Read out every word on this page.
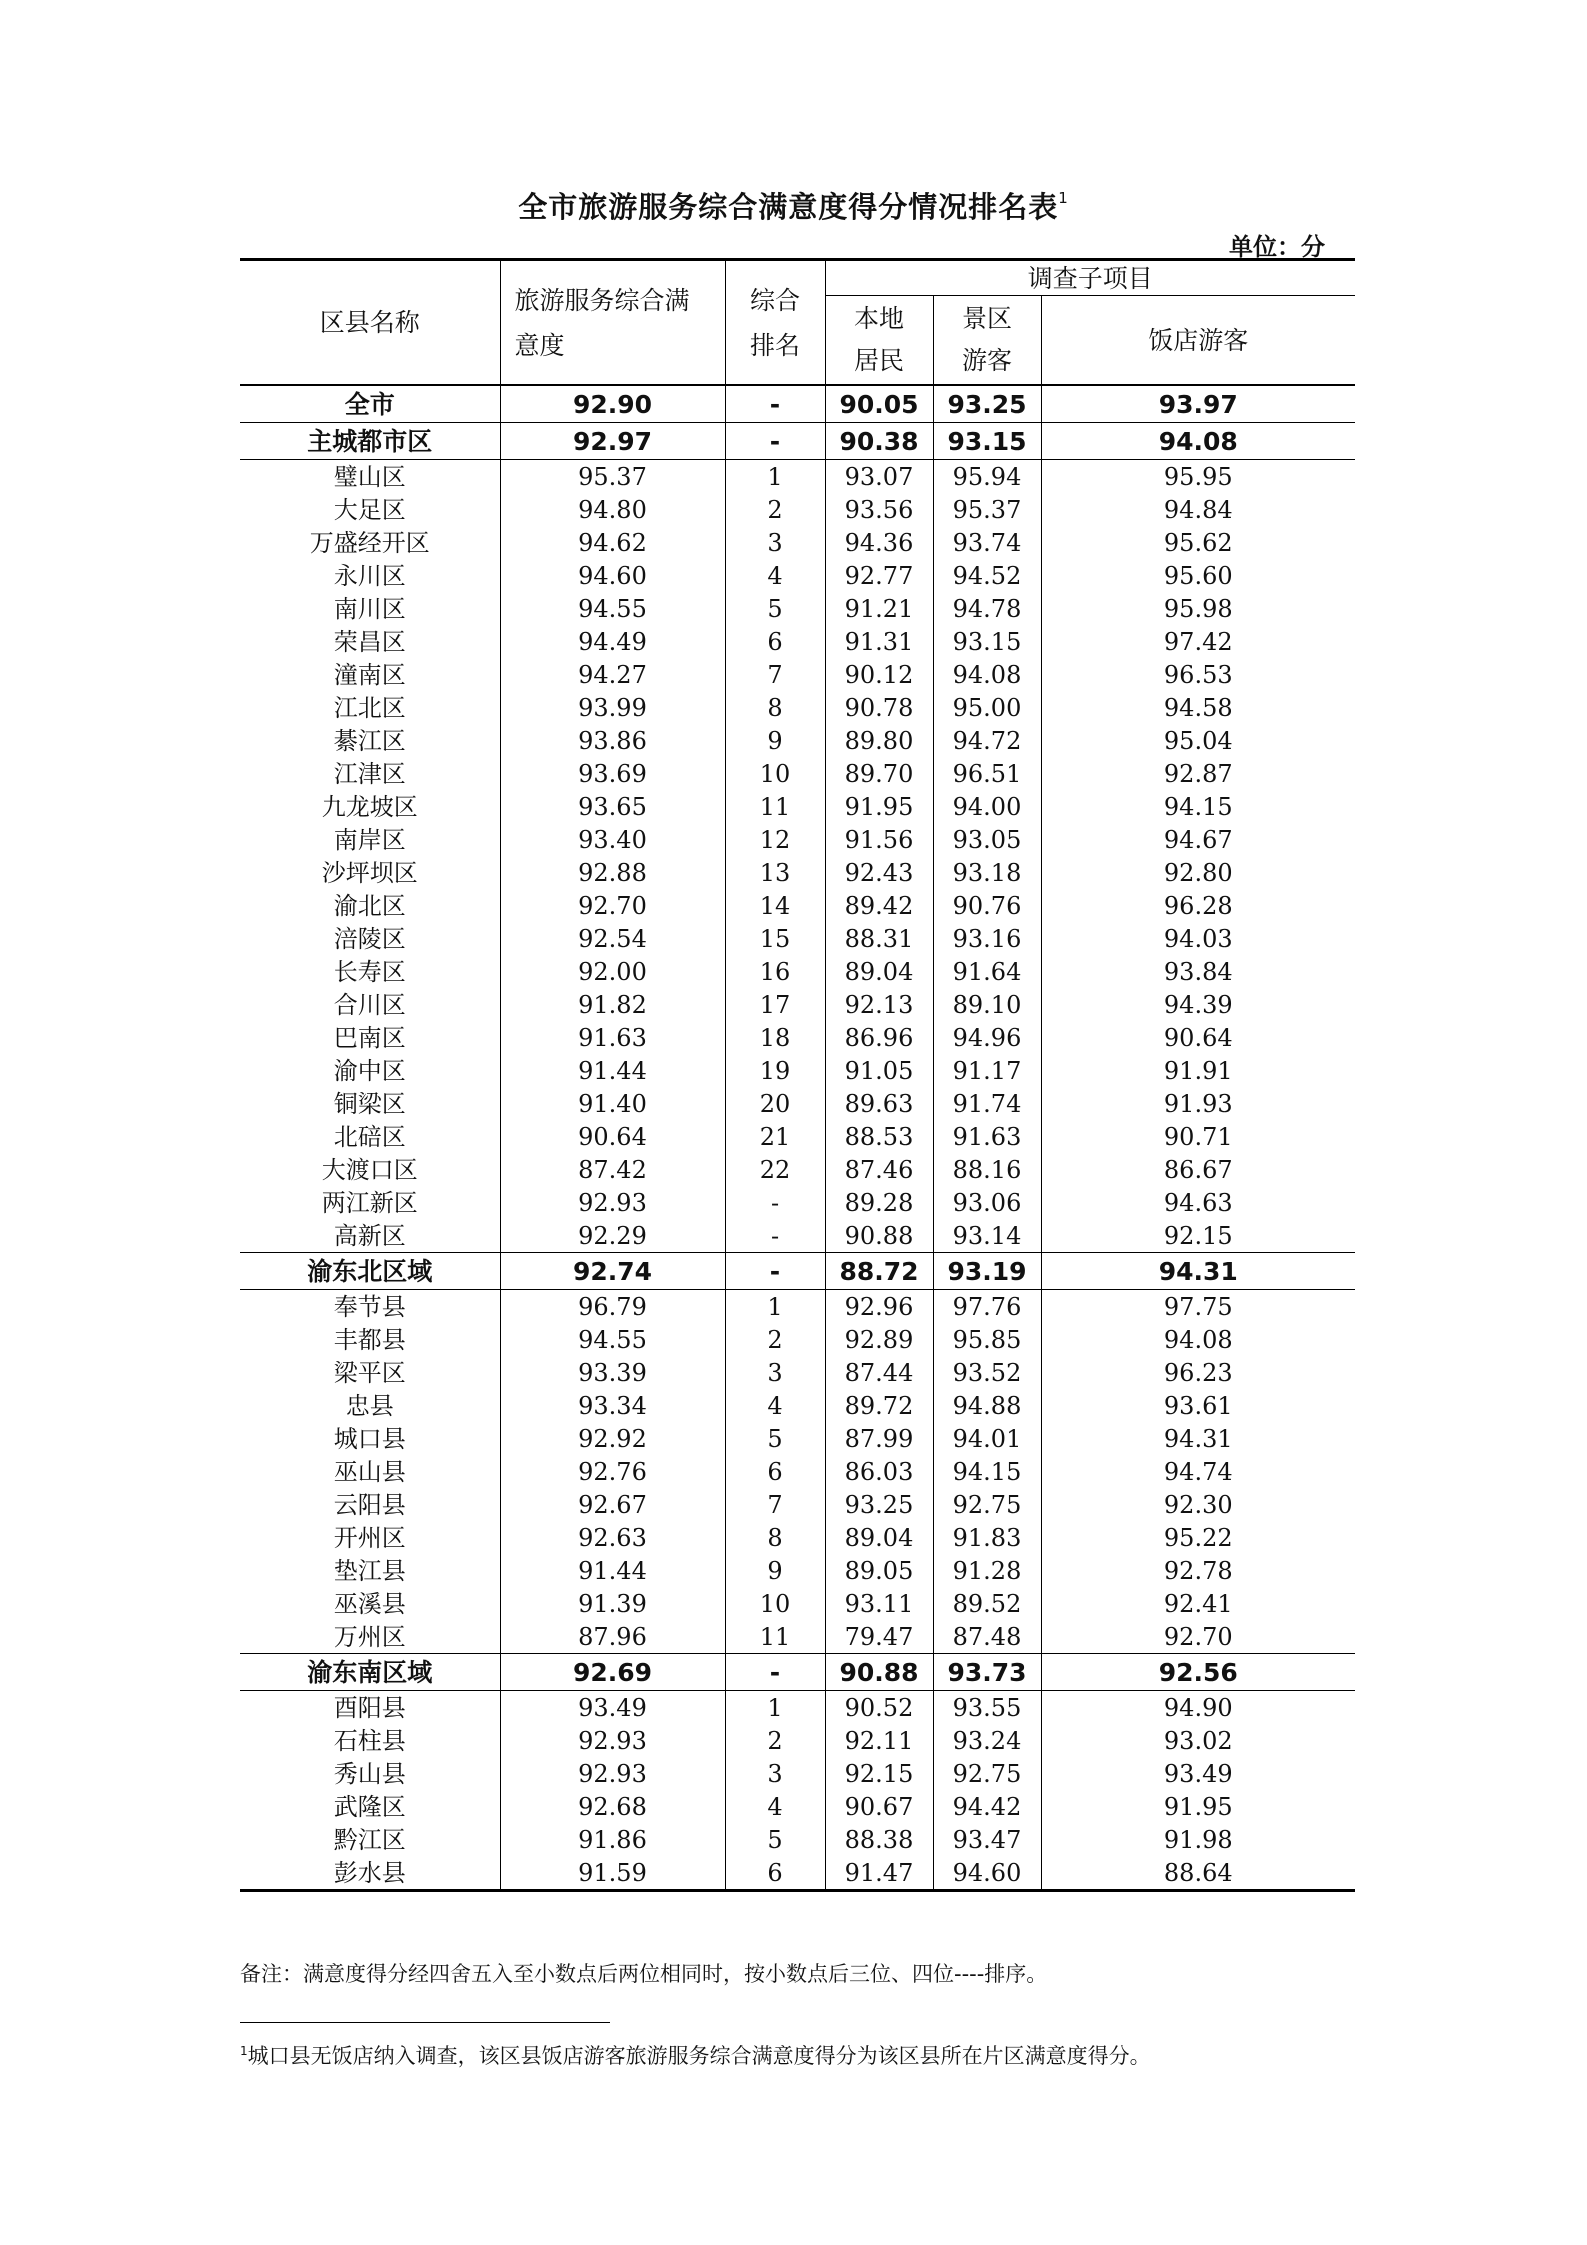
全市旅游服务综合满意度得分情况排名表$^1$
单位：分
区县名称	旅游服务综合满意度	综合排名	调查子项目		
			本地居民	景区游客	饭店游客
全市	92.90	-	90.05	93.25	93.97
主城都市区	92.97	-	90.38	93.15	94.08
璧山区	95.37	1	93.07	95.94	95.95
大足区	94.80	2	93.56	95.37	94.84
万盛经开区	94.62	3	94.36	93.74	95.62
永川区	94.60	4	92.77	94.52	95.60
南川区	94.55	5	91.21	94.78	95.98
荣昌区	94.49	6	91.31	93.15	97.42
潼南区	94.27	7	90.12	94.08	96.53
江北区	93.99	8	90.78	95.00	94.58
綦江区	93.86	9	89.80	94.72	95.04
江津区	93.69	10	89.70	96.51	92.87
九龙坡区	93.65	11	91.95	94.00	94.15
南岸区	93.40	12	91.56	93.05	94.67
沙坪坝区	92.88	13	92.43	93.18	92.80
渝北区	92.70	14	89.42	90.76	96.28
涪陵区	92.54	15	88.31	93.16	94.03
长寿区	92.00	16	89.04	91.64	93.84
合川区	91.82	17	92.13	89.10	94.39
巴南区	91.63	18	86.96	94.96	90.64
渝中区	91.44	19	91.05	91.17	91.91
铜梁区	91.40	20	89.63	91.74	91.93
北碚区	90.64	21	88.53	91.63	90.71
大渡口区	87.42	22	87.46	88.16	86.67
两江新区	92.93	-	89.28	93.06	94.63
高新区	92.29	-	90.88	93.14	92.15
渝东北区域	92.74	-	88.72	93.19	94.31
奉节县	96.79	1	92.96	97.76	97.75
丰都县	94.55	2	92.89	95.85	94.08
梁平区	93.39	3	87.44	93.52	96.23
忠县	93.34	4	89.72	94.88	93.61
城口县	92.92	5	87.99	94.01	94.31
巫山县	92.76	6	86.03	94.15	94.74
云阳县	92.67	7	93.25	92.75	92.30
开州区	92.63	8	89.04	91.83	95.22
垫江县	91.44	9	89.05	91.28	92.78
巫溪县	91.39	10	93.11	89.52	92.41
万州区	87.96	11	79.47	87.48	92.70
渝东南区域	92.69	-	90.88	93.73	92.56
酉阳县	93.49	1	90.52	93.55	94.90
石柱县	92.93	2	92.11	93.24	93.02
秀山县	92.93	3	92.15	92.75	93.49
武隆区	92.68	4	90.67	94.42	91.95
黔江区	91.86	5	88.38	93.47	91.98
彭水县	91.59	6	91.47	94.60	88.64
备注：满意度得分经四舍五入至小数点后两位相同时，按小数点后三位、四位----排序。
$^1$城口县无饭店纳入调查，该区县饭店游客旅游服务综合满意度得分为该区县所在片区满意度得分。
